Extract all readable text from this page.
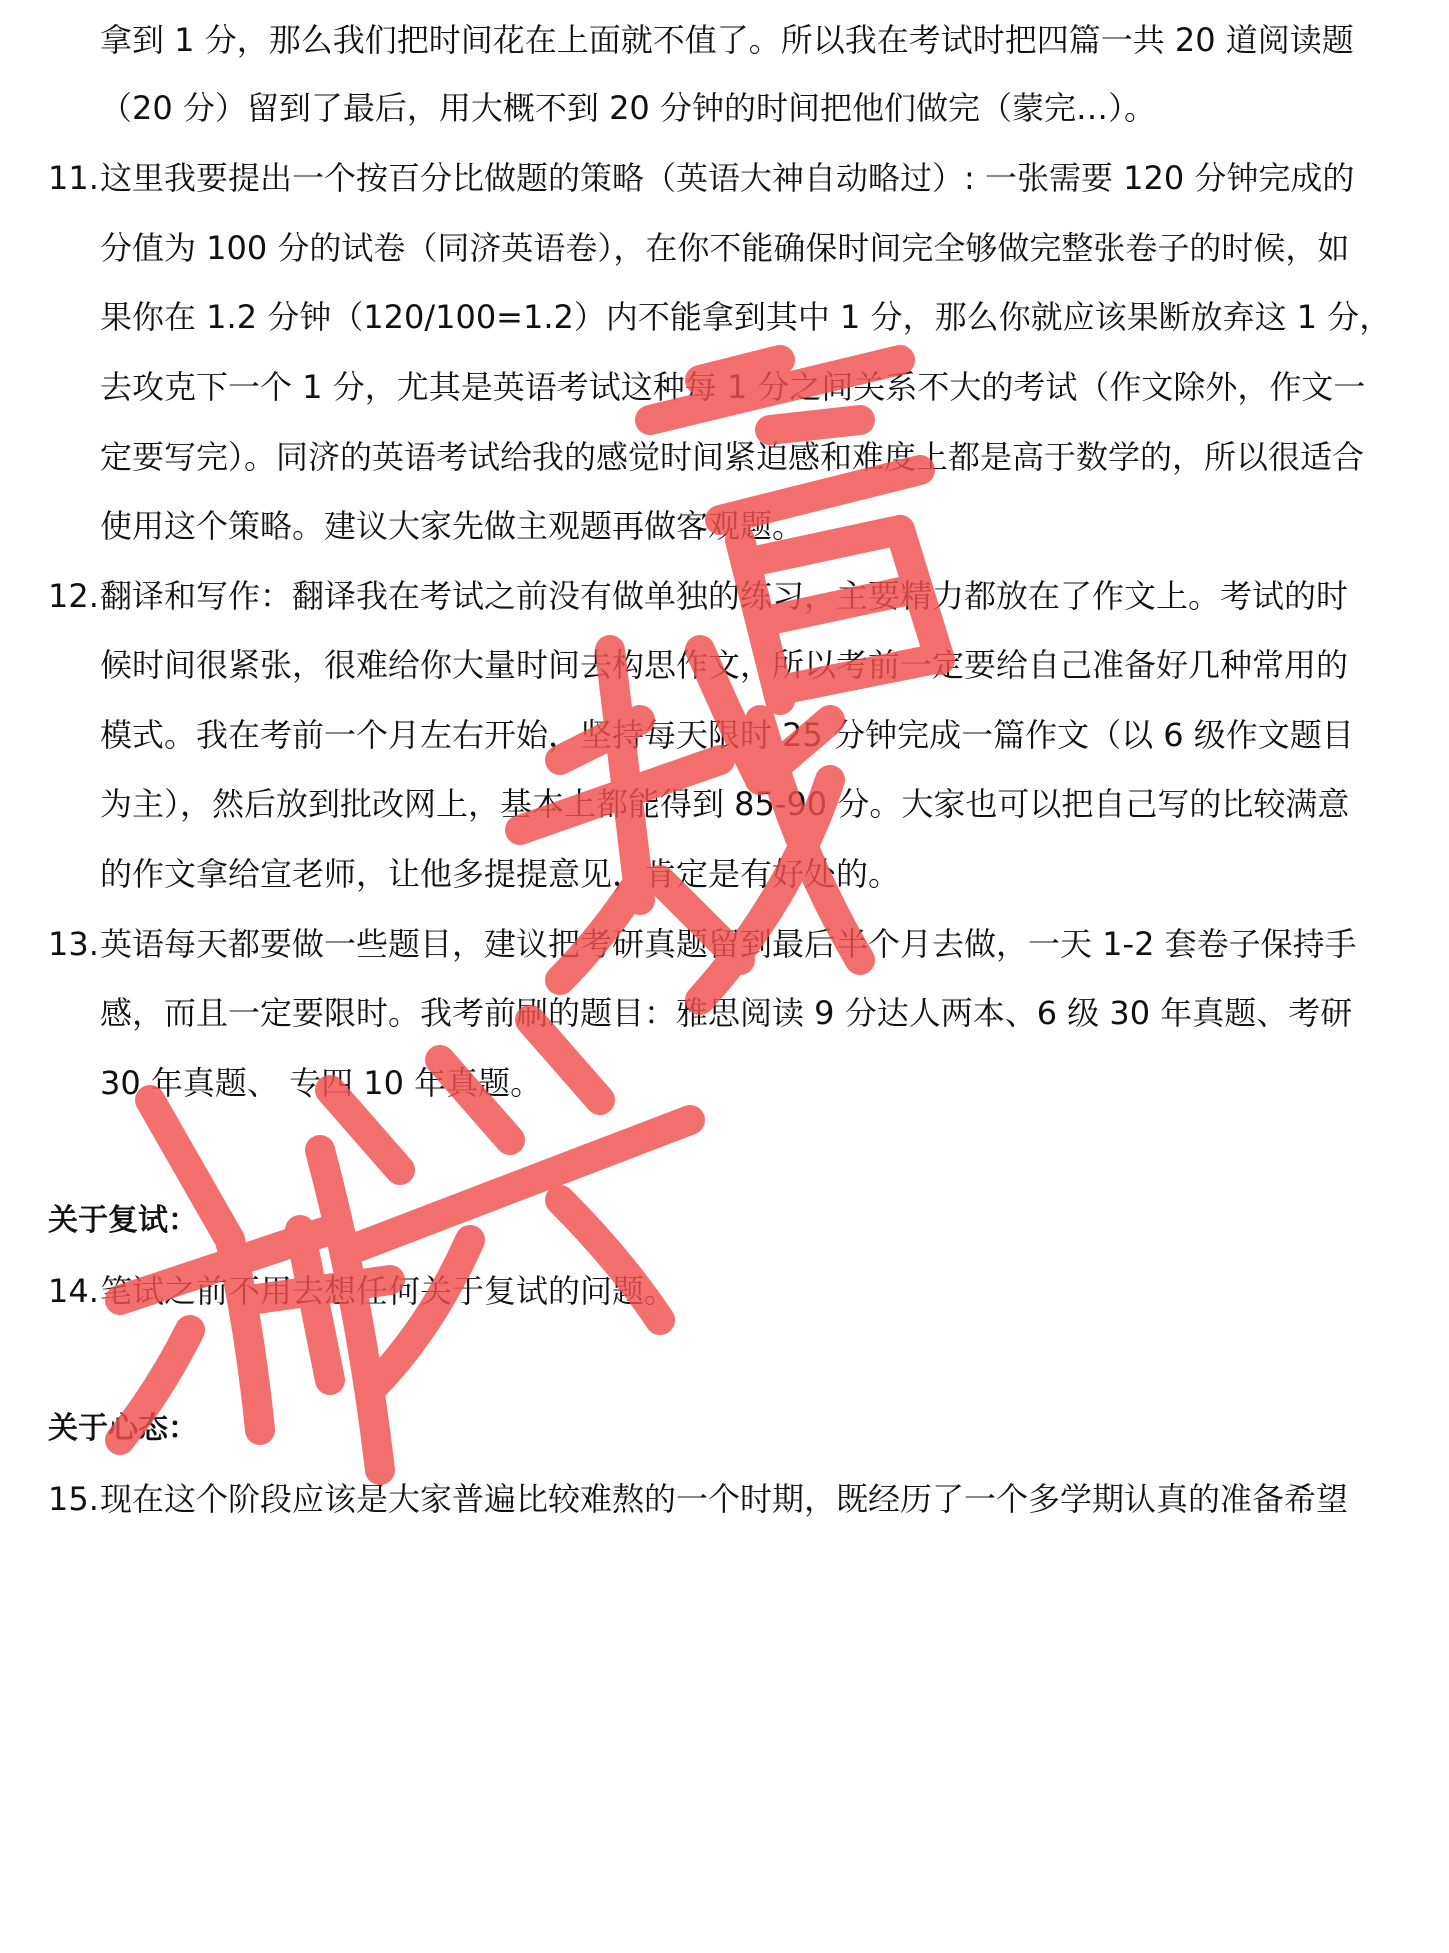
拿到 1 分，那么我们把时间花在上面就不值了。所以我在考试时把四篇一共 20 道阅读题
（20 分）留到了最后，用大概不到 20 分钟的时间把他们做完（蒙完…）。
11. 这里我要提出一个按百分比做题的策略（英语大神自动略过）: 一张需要 120 分钟完成的
分值为 100 分的试卷（同济英语卷），在你不能确保时间完全够做完整张卷子的时候，如
果你在 1.2 分钟（120/100=1.2）内不能拿到其中 1 分，那么你就应该果断放弃这 1 分，
去攻克下一个 1 分，尤其是英语考试这种每 1 分之间关系不大的考试（作文除外，作文一
定要写完）。同济的英语考试给我的感觉时间紧迫感和难度上都是高于数学的，所以很适合
使用这个策略。建议大家先做主观题再做客观题。
12. 翻译和写作：翻译我在考试之前没有做单独的练习，主要精力都放在了作文上。考试的时
候时间很紧张，很难给你大量时间去构思作文，所以考前一定要给自己准备好几种常用的
模式。我在考前一个月左右开始，坚持每天限时 25 分钟完成一篇作文（以 6 级作文题目
为主），然后放到批改网上，基本上都能得到 85-90 分。大家也可以把自己写的比较满意
的作文拿给宣老师，让他多提提意见，肯定是有好处的。
13. 英语每天都要做一些题目，建议把考研真题留到最后半个月去做，一天 1-2 套卷子保持手
感，而且一定要限时。我考前刷的题目：雅思阅读 9 分达人两本、6 级 30 年真题、考研
30 年真题、 专四 10 年真题。
关于复试：
14. 笔试之前不用去想任何关于复试的问题。
关于心态：
15. 现在这个阶段应该是大家普遍比较难熬的一个时期，既经历了一个多学期认真的准备希望
